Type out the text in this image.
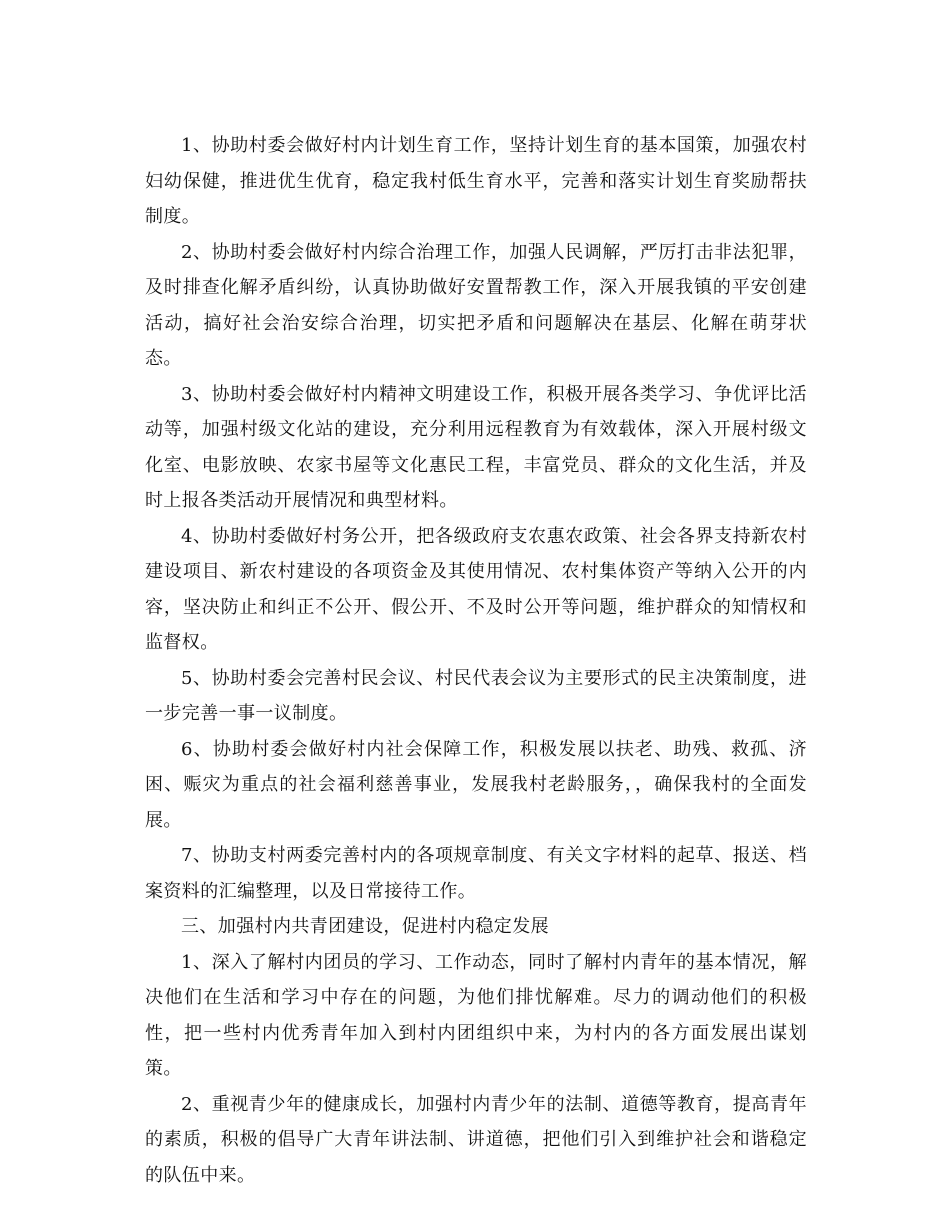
1、协助村委会做好村内计划生育工作，坚持计划生育的基本国策，加强农村妇幼保健，推进优生优育，稳定我村低生育水平，完善和落实计划生育奖励帮扶制度。

2、协助村委会做好村内综合治理工作，加强人民调解，严厉打击非法犯罪，及时排查化解矛盾纠纷，认真协助做好安置帮教工作，深入开展我镇的平安创建活动，搞好社会治安综合治理，切实把矛盾和问题解决在基层、化解在萌芽状态。

3、协助村委会做好村内精神文明建设工作，积极开展各类学习、争优评比活动等，加强村级文化站的建设，充分利用远程教育为有效载体，深入开展村级文化室、电影放映、农家书屋等文化惠民工程，丰富党员、群众的文化生活，并及时上报各类活动开展情况和典型材料。

4、协助村委做好村务公开，把各级政府支农惠农政策、社会各界支持新农村建设项目、新农村建设的各项资金及其使用情况、农村集体资产等纳入公开的内容，坚决防止和纠正不公开、假公开、不及时公开等问题，维护群众的知情权和监督权。

5、协助村委会完善村民会议、村民代表会议为主要形式的民主决策制度，进一步完善一事一议制度。

6、协助村委会做好村内社会保障工作，积极发展以扶老、助残、救孤、济困、赈灾为重点的社会福利慈善事业，发展我村老龄服务，，确保我村的全面发展。

7、协助支村两委完善村内的各项规章制度、有关文字材料的起草、报送、档案资料的汇编整理，以及日常接待工作。

三、加强村内共青团建设，促进村内稳定发展

1、深入了解村内团员的学习、工作动态，同时了解村内青年的基本情况，解决他们在生活和学习中存在的问题，为他们排忧解难。尽力的调动他们的积极性，把一些村内优秀青年加入到村内团组织中来，为村内的各方面发展出谋划策。

2、重视青少年的健康成长，加强村内青少年的法制、道德等教育，提高青年的素质，积极的倡导广大青年讲法制、讲道德，把他们引入到维护社会和谐稳定的队伍中来。
